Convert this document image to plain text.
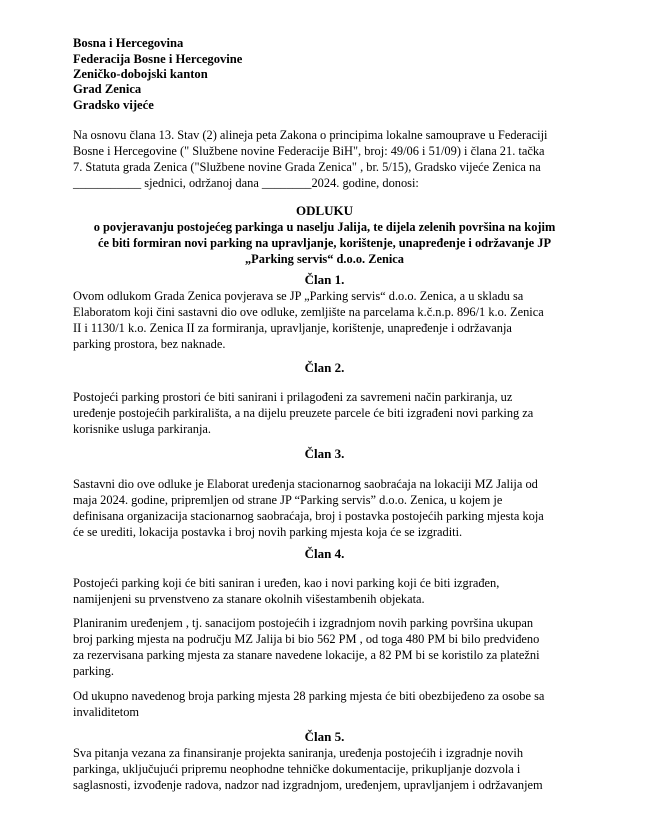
Bosna i Hercegovina
Federacija Bosne i Hercegovine
Zeničko-dobojski kanton
Grad Zenica
Gradsko vijeće
Na osnovu člana 13. Stav (2) alineja peta Zakona o principima lokalne samouprave u Federaciji
Bosne i Hercegovine (" Službene novine Federacije BiH", broj: 49/06 i 51/09) i člana 21. tačka
7. Statuta grada Zenica ("Službene novine Grada Zenica" , br. 5/15), Gradsko vijeće Zenica na
___________ sjednici, održanoj dana ________2024. godine, donosi:
ODLUKU
o povjeravanju postojećeg parkinga u naselju Jalija, te dijela zelenih površina na kojim
će biti formiran novi parking na upravljanje, korištenje, unapređenje i održavanje JP
„Parking servis“ d.o.o. Zenica
Član 1.
Ovom odlukom Grada Zenica povjerava se JP „Parking servis“ d.o.o. Zenica, a u skladu sa
Elaboratom koji čini sastavni dio ove odluke, zemljište na parcelama k.č.n.p. 896/1 k.o. Zenica
II i 1130/1 k.o. Zenica II za formiranja, upravljanje, korištenje, unapređenje i održavanja
parking prostora, bez naknade.
Član 2.
Postojeći parking prostori će biti sanirani i prilagođeni za savremeni način parkiranja, uz
uređenje postojećih parkirališta, a na dijelu preuzete parcele će biti izgrađeni novi parking za
korisnike usluga parkiranja.
Član 3.
Sastavni dio ove odluke je Elaborat uređenja stacionarnog saobraćaja na lokaciji MZ Jalija od
maja 2024. godine, pripremljen od strane JP “Parking servis” d.o.o. Zenica, u kojem je
definisana organizacija stacionarnog saobraćaja, broj i postavka postojećih parking mjesta koja
će se urediti, lokacija postavka i broj novih parking mjesta koja će se izgraditi.
Član 4.
Postojeći parking koji će biti saniran i uređen, kao i novi parking koji će biti izgrađen,
namijenjeni su prvenstveno za stanare okolnih višestambenih objekata.
Planiranim uređenjem , tj. sanacijom postojećih i izgradnjom novih parking površina ukupan
broj parking mjesta na području MZ Jalija bi bio 562 PM , od toga 480 PM bi bilo predviđeno
za rezervisana parking mjesta za stanare navedene lokacije, a 82 PM bi se koristilo za platežni
parking.
Od ukupno navedenog broja parking mjesta 28 parking mjesta će biti obezbijeđeno za osobe sa
invaliditetom
Član 5.
Sva pitanja vezana za finansiranje projekta saniranja, uređenja postojećih i izgradnje novih
parkinga, uključujući pripremu neophodne tehničke dokumentacije, prikupljanje dozvola i
saglasnosti, izvođenje radova, nadzor nad izgradnjom, uređenjem, upravljanjem i održavanjem
